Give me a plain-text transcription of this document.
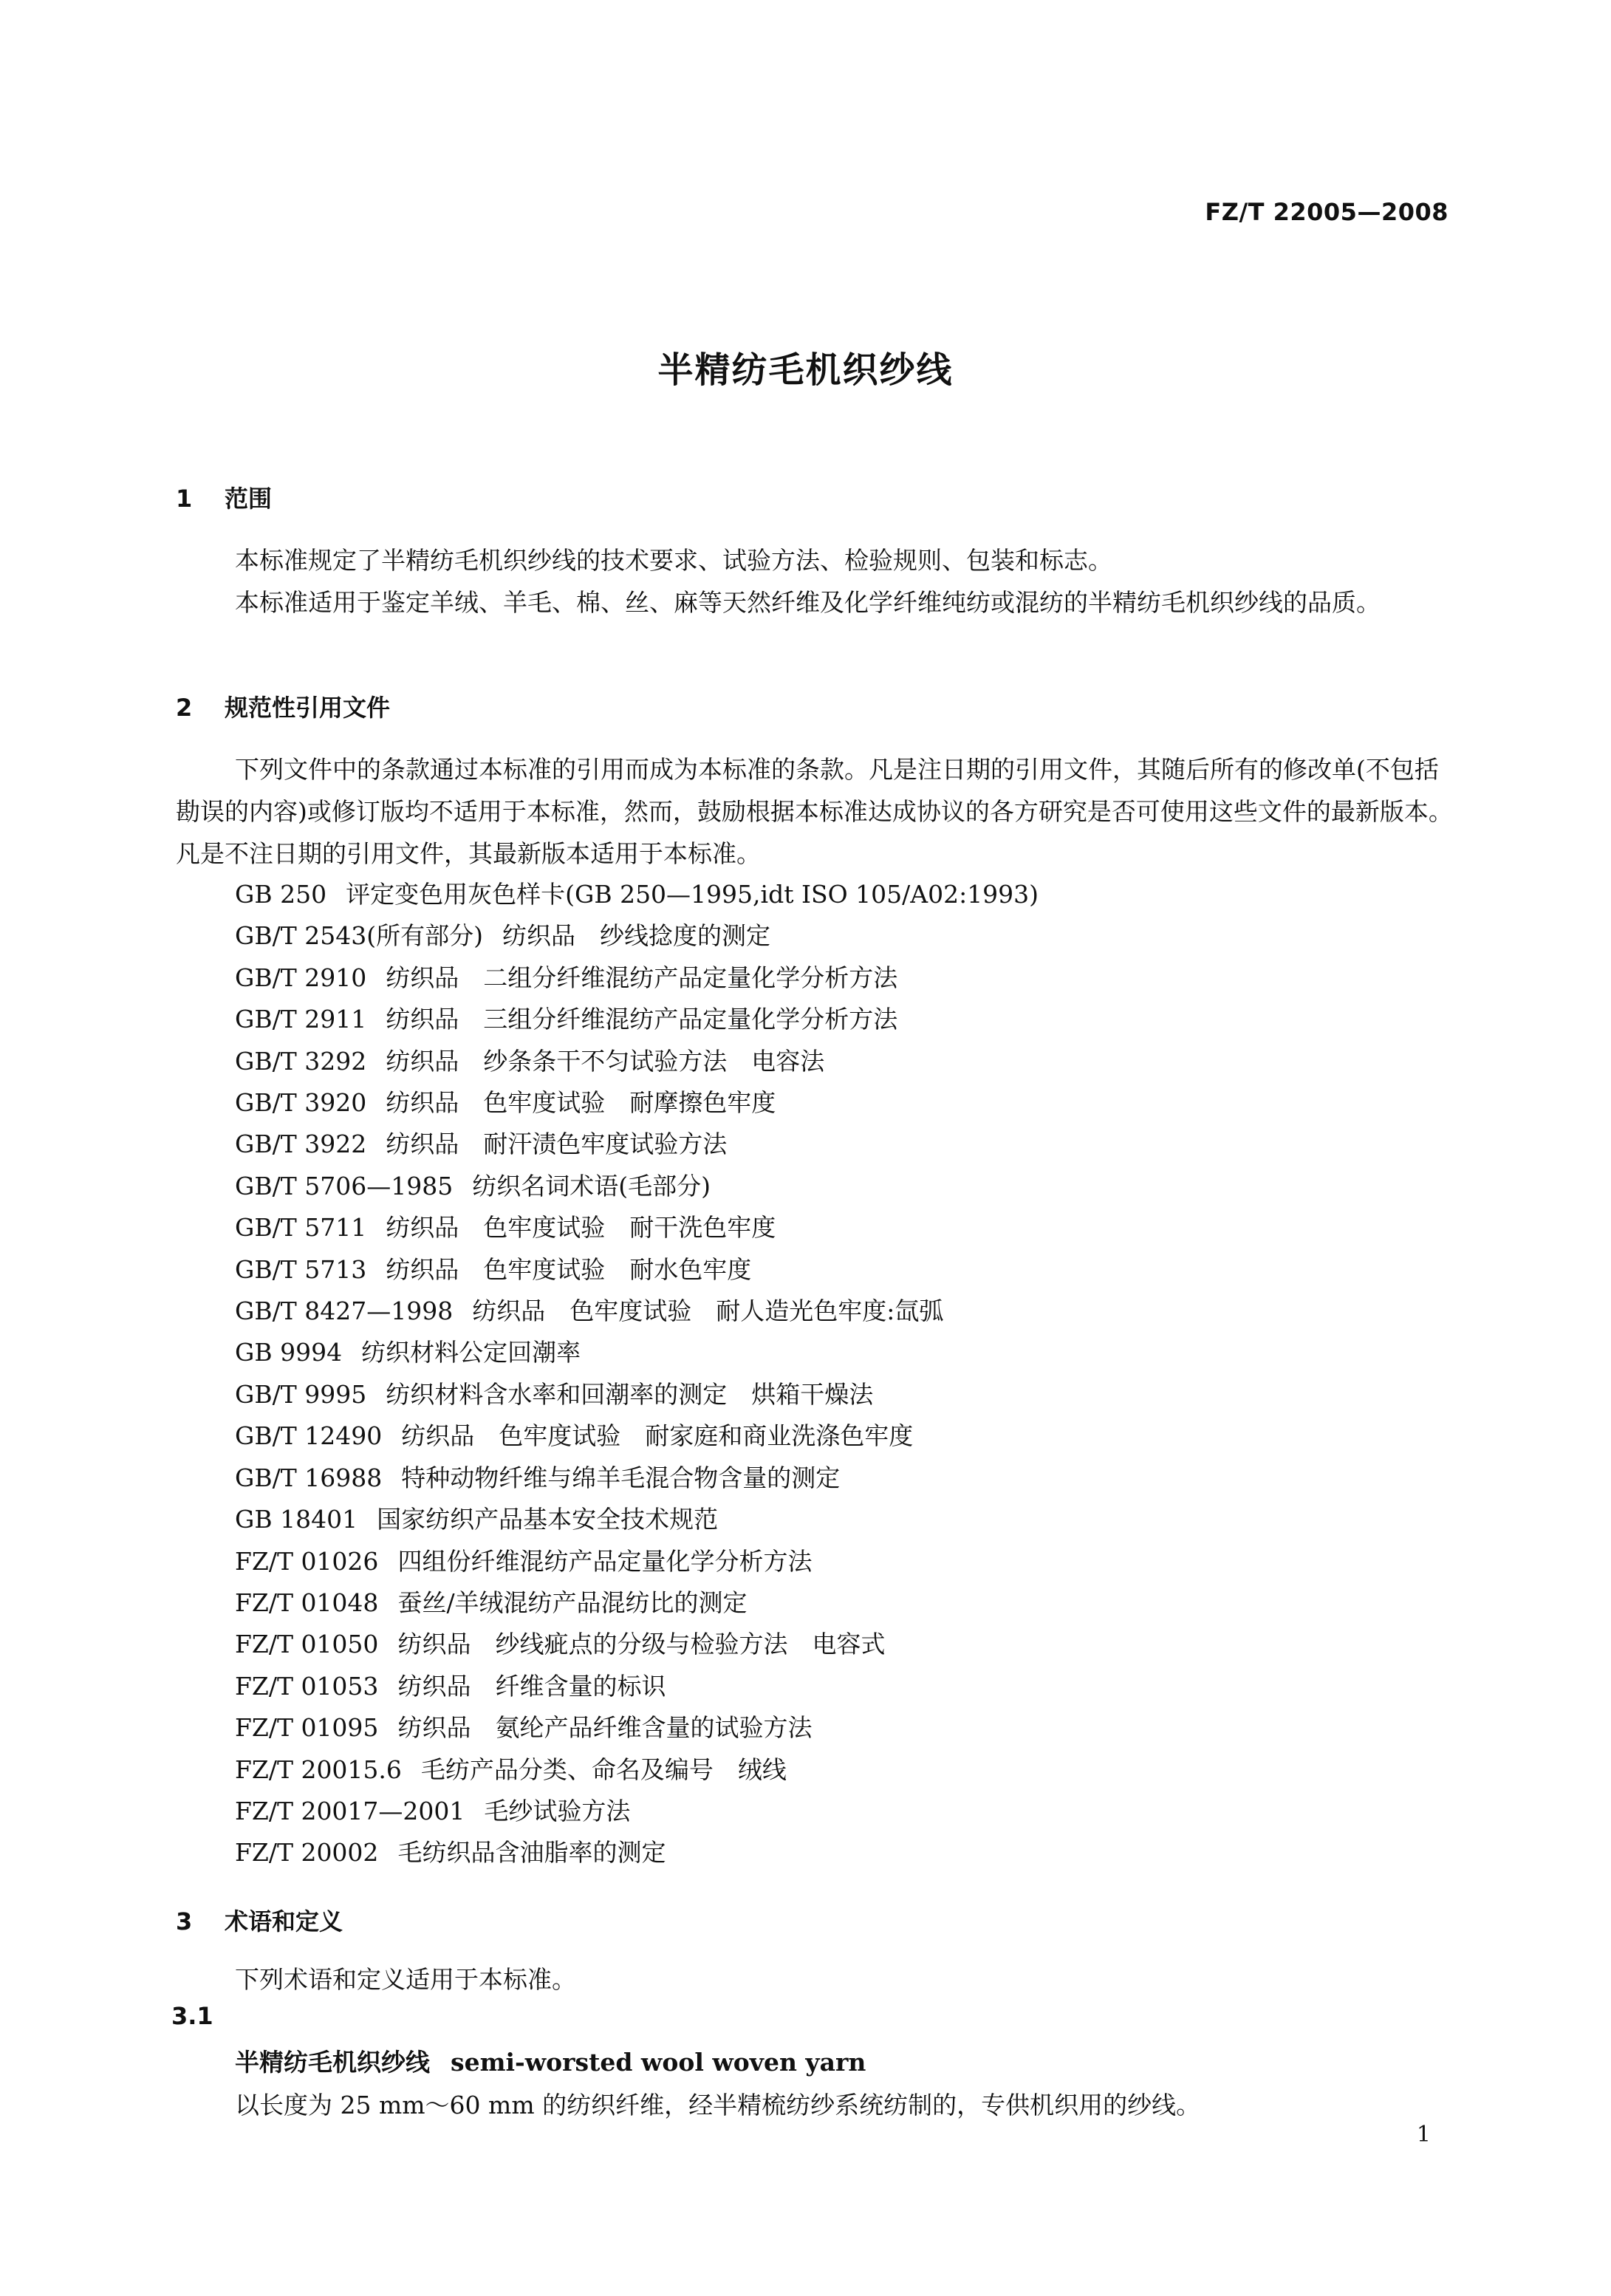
FZ/T 22005—2008
半精纺毛机织纱线
1 范围
本标准规定了半精纺毛机织纱线的技术要求、试验方法、检验规则、包装和标志。
本标准适用于鉴定羊绒、羊毛、棉、丝、麻等天然纤维及化学纤维纯纺或混纺的半精纺毛机织纱线的品质。
2 规范性引用文件
下列文件中的条款通过本标准的引用而成为本标准的条款。凡是注日期的引用文件，其随后所有的修改单(不包括勘误的内容)或修订版均不适用于本标准，然而，鼓励根据本标准达成协议的各方研究是否可使用这些文件的最新版本。凡是不注日期的引用文件，其最新版本适用于本标准。
GB 250 评定变色用灰色样卡(GB 250—1995,idt ISO 105/A02:1993)
GB/T 2543(所有部分) 纺织品　纱线捻度的测定
GB/T 2910 纺织品　二组分纤维混纺产品定量化学分析方法
GB/T 2911 纺织品　三组分纤维混纺产品定量化学分析方法
GB/T 3292 纺织品　纱条条干不匀试验方法　电容法
GB/T 3920 纺织品　色牢度试验　耐摩擦色牢度
GB/T 3922 纺织品　耐汗渍色牢度试验方法
GB/T 5706—1985 纺织名词术语(毛部分)
GB/T 5711 纺织品　色牢度试验　耐干洗色牢度
GB/T 5713 纺织品　色牢度试验　耐水色牢度
GB/T 8427—1998 纺织品　色牢度试验　耐人造光色牢度:氙弧
GB 9994 纺织材料公定回潮率
GB/T 9995 纺织材料含水率和回潮率的测定　烘箱干燥法
GB/T 12490 纺织品　色牢度试验　耐家庭和商业洗涤色牢度
GB/T 16988 特种动物纤维与绵羊毛混合物含量的测定
GB 18401 国家纺织产品基本安全技术规范
FZ/T 01026 四组份纤维混纺产品定量化学分析方法
FZ/T 01048 蚕丝/羊绒混纺产品混纺比的测定
FZ/T 01050 纺织品　纱线疵点的分级与检验方法　电容式
FZ/T 01053 纺织品　纤维含量的标识
FZ/T 01095 纺织品　氨纶产品纤维含量的试验方法
FZ/T 20015.6 毛纺产品分类、命名及编号　绒线
FZ/T 20017—2001 毛纱试验方法
FZ/T 20002 毛纺织品含油脂率的测定
3 术语和定义
下列术语和定义适用于本标准。
3.1
半精纺毛机织纱线 semi-worsted wool woven yarn
以长度为 25 mm～60 mm 的纺织纤维，经半精梳纺纱系统纺制的，专供机织用的纱线。
1
